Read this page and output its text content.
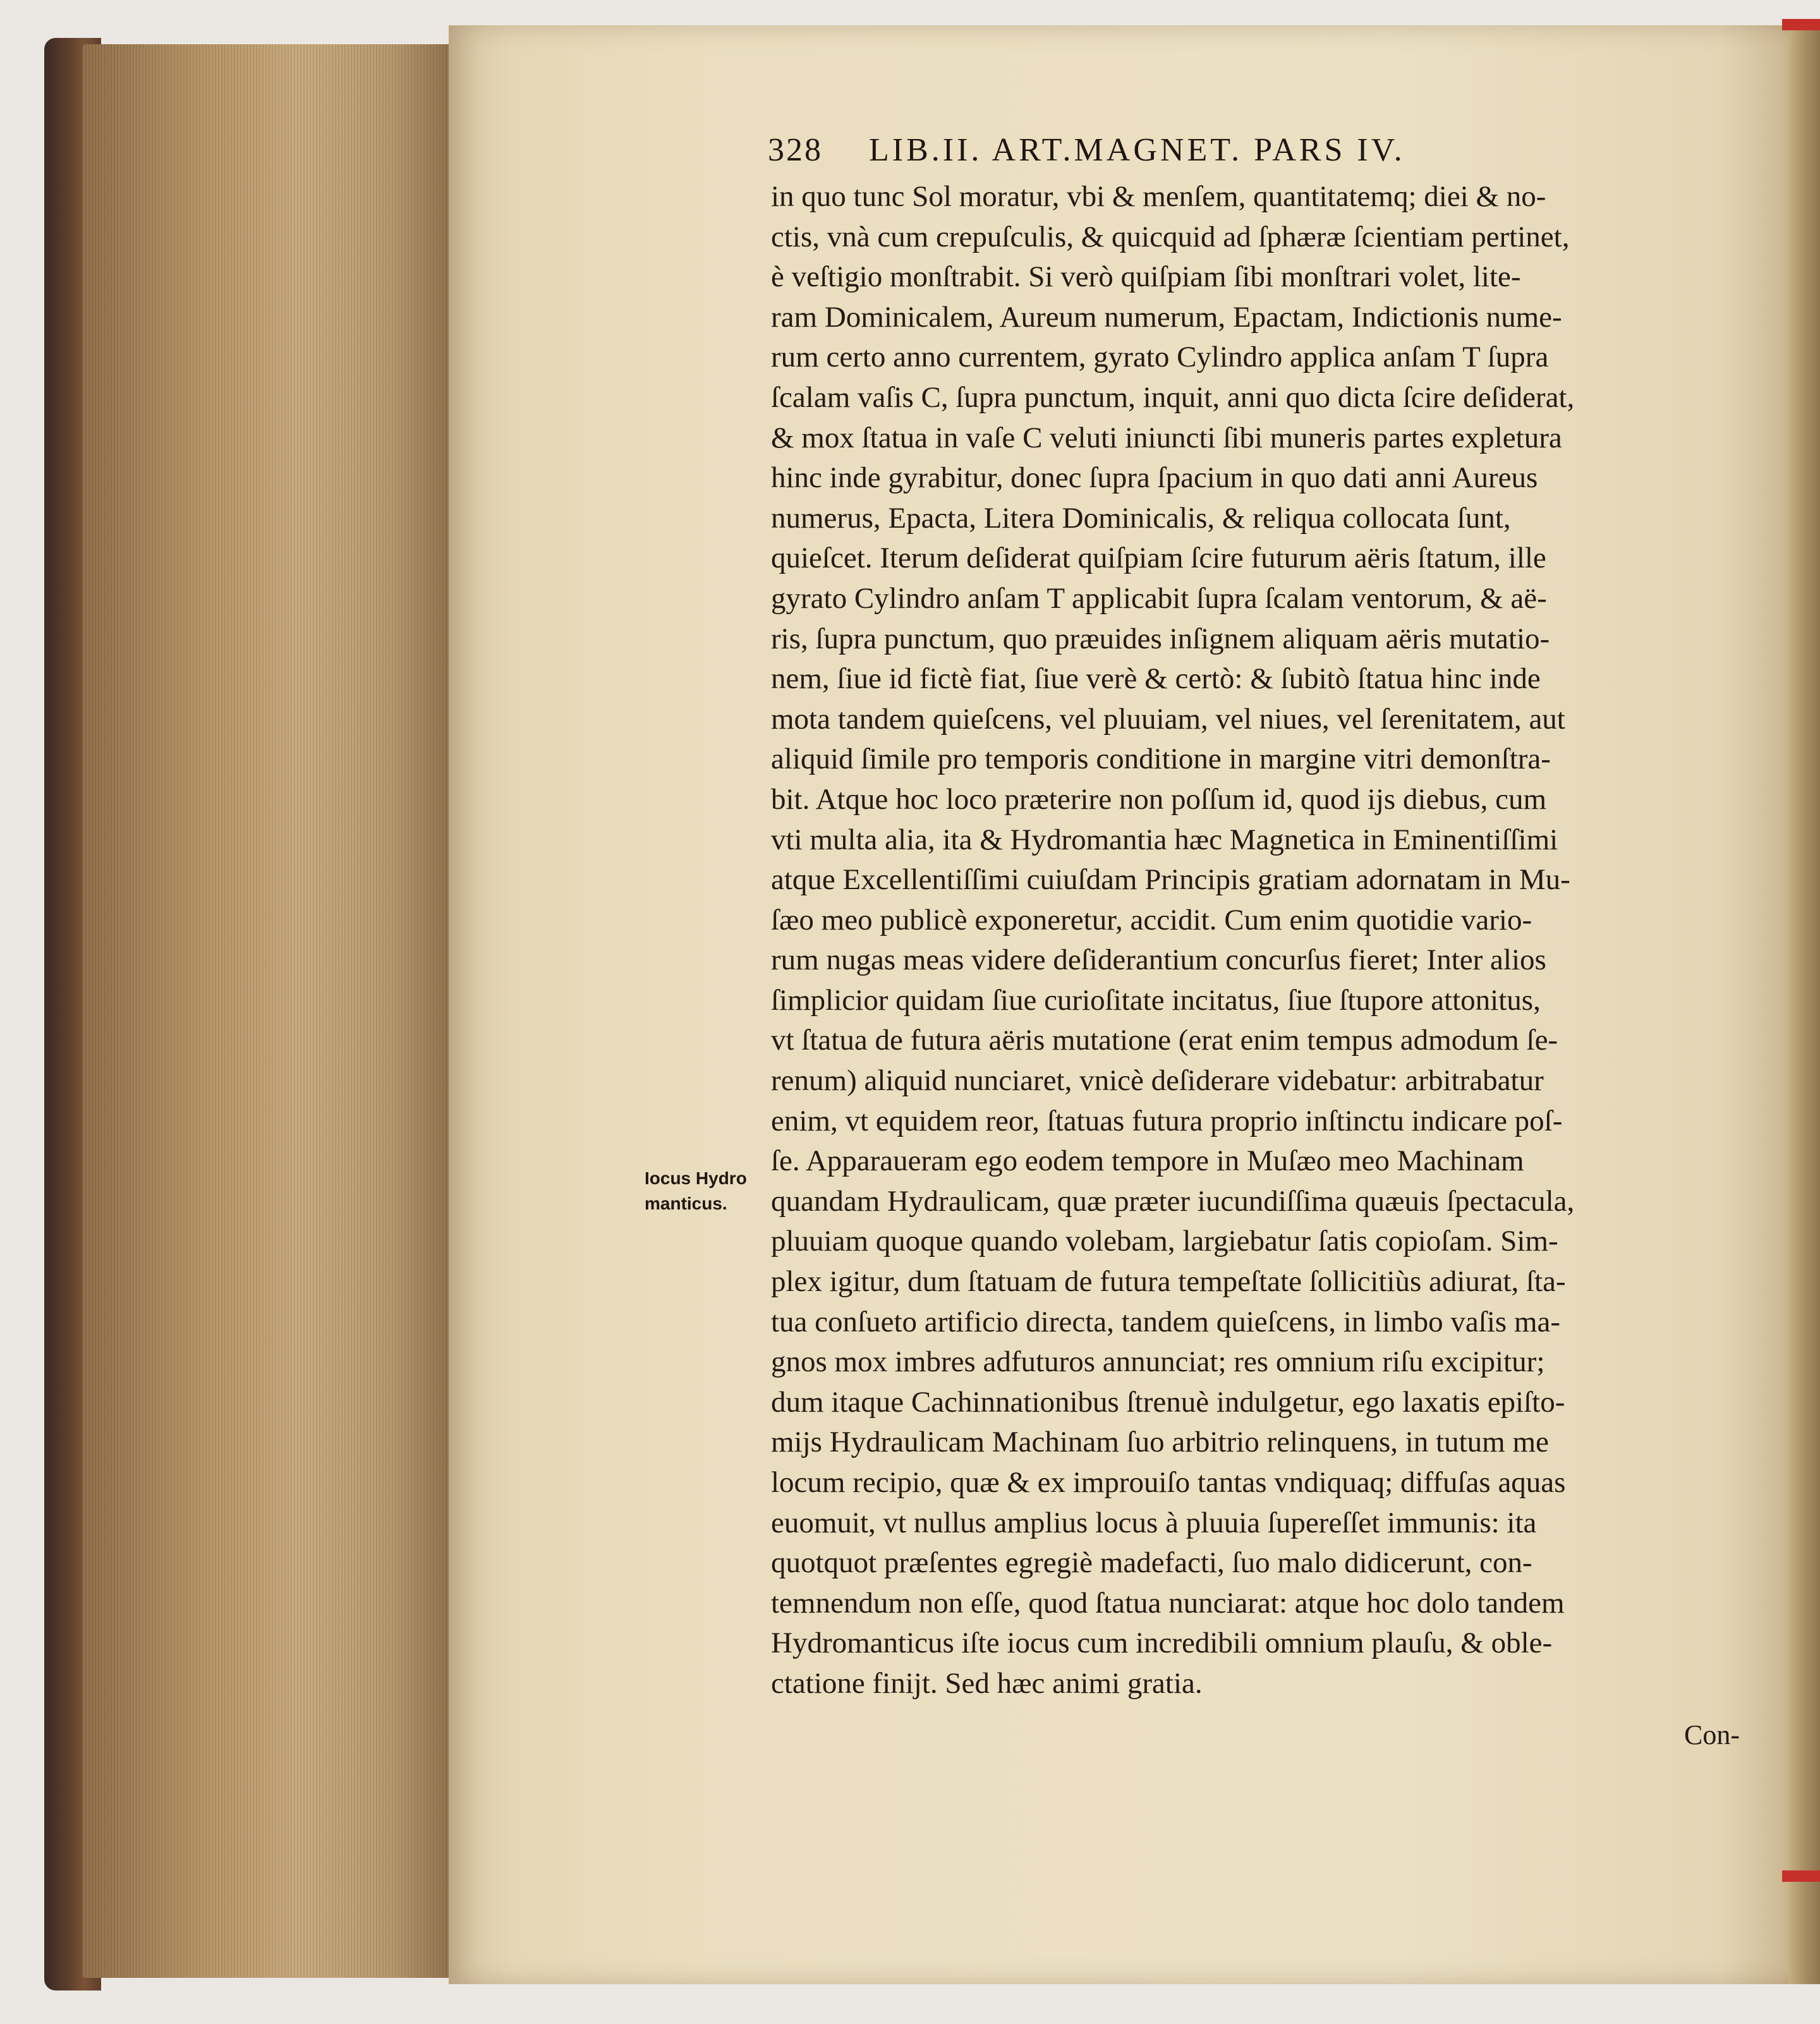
328	LIB.II. ART.MAGNET. PARS IV.
Iocus Hydro
manticus.
in quo tunc Sol moratur, vbi & menſem, quantitatemq; diei & no-
ctis, vnà cum crepuſculis, & quicquid ad ſphæræ ſcientiam pertinet,
è veſtigio monſtrabit. Si verò quiſpiam ſibi monſtrari volet, lite-
ram Dominicalem, Aureum numerum, Epactam, Indictionis nume-
rum certo anno currentem, gyrato Cylindro applica anſam T ſupra
ſcalam vaſis C, ſupra punctum, inquit, anni quo dicta ſcire deſiderat,
& mox ſtatua in vaſe C veluti iniuncti ſibi muneris partes expletura
hinc inde gyrabitur, donec ſupra ſpacium in quo dati anni Aureus
numerus, Epacta, Litera Dominicalis, & reliqua collocata ſunt,
quieſcet. Iterum deſiderat quiſpiam ſcire futurum aëris ſtatum, ille
gyrato Cylindro anſam T applicabit ſupra ſcalam ventorum, & aë-
ris, ſupra punctum, quo præuides inſignem aliquam aëris mutatio-
nem, ſiue id fictè fiat, ſiue verè & certò: & ſubitò ſtatua hinc inde
mota tandem quieſcens, vel pluuiam, vel niues, vel ſerenitatem, aut
aliquid ſimile pro temporis conditione in margine vitri demonſtra-
bit. Atque hoc loco præterire non poſſum id, quod ijs diebus, cum
vti multa alia, ita & Hydromantia hæc Magnetica in Eminentiſſimi
atque Excellentiſſimi cuiuſdam Principis gratiam adornatam in Mu-
ſæo meo publicè exponeretur, accidit. Cum enim quotidie vario-
rum nugas meas videre deſiderantium concurſus fieret; Inter alios
ſimplicior quidam ſiue curioſitate incitatus, ſiue ſtupore attonitus,
vt ſtatua de futura aëris mutatione (erat enim tempus admodum ſe-
renum) aliquid nunciaret, vnicè deſiderare videbatur: arbitrabatur
enim, vt equidem reor, ſtatuas futura proprio inſtinctu indicare poſ-
ſe. Apparaueram ego eodem tempore in Muſæo meo Machinam
quandam Hydraulicam, quæ præter iucundiſſima quæuis ſpectacula,
pluuiam quoque quando volebam, largiebatur ſatis copioſam. Sim-
plex igitur, dum ſtatuam de futura tempeſtate ſollicitiùs adiurat, ſta-
tua conſueto artificio directa, tandem quieſcens, in limbo vaſis ma-
gnos mox imbres adfuturos annunciat; res omnium riſu excipitur;
dum itaque Cachinnationibus ſtrenuè indulgetur, ego laxatis epiſto-
mijs Hydraulicam Machinam ſuo arbitrio relinquens, in tutum me
locum recipio, quæ & ex improuiſo tantas vndiquaq; diffuſas aquas
euomuit, vt nullus amplius locus à pluuia ſupereſſet immunis: ita
quotquot præſentes egregiè madefacti, ſuo malo didicerunt, con-
temnendum non eſſe, quod ſtatua nunciarat: atque hoc dolo tandem
Hydromanticus iſte iocus cum incredibili omnium plauſu, & oble-
ctatione finijt. Sed hæc animi gratia.
Con-
